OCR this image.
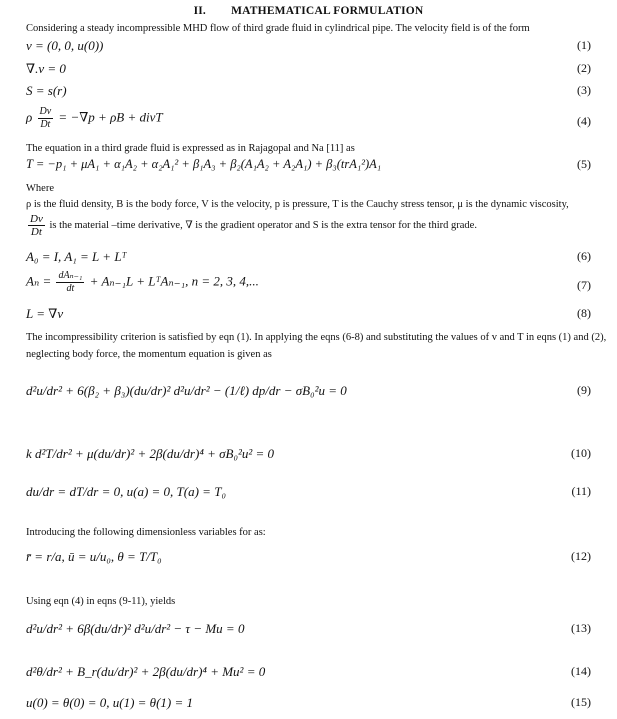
II. MATHEMATICAL FORMULATION
Considering a steady incompressible MHD flow of third grade fluid in cylindrical pipe. The velocity field is of the form
v = (0, 0, u(0))	(1)
∇.v = 0	(2)
S = s(r)	(3)
ρ $\frac{Dv}{Dt} = -\nabla p + \rho B$ + divT	(4)
The equation in a third grade fluid is expressed as in Rajagopal and Na [11] as
T = −p₁ + μA₁ + α₁A₂ + α₂A₁² + β₁A₃ + β₂(A₁A₂ + A₂A₁) + β₃(trA₁²)A₁	(5)
Where
ρ is the fluid density, B is the body force, V is the velocity, p is pressure, T is the Cauchy stress tensor, μ is the dynamic viscosity,
$\frac{Dv}{Dt}$ is the material –time derivative, ∇ is the gradient operator and S is the extra tensor for the third grade.
A₀ = I, A₁ = L + Lᵀ	(6)
$A_n = \frac{\text{dAₙ₋₁}}{dt} + A_{n-1}L$ + LᵀAₙ₋₁, n = 2, 3, 4,...	(7)
L = ∇v	(8)
The incompressibility criterion is satisfied by eqn (1). In applying the eqns (6-8) and substituting the values of v and T in eqns (1) and (2), neglecting body force, the momentum equation is given as
d²u/dr² + 6(β₂ + β₃)(du/dr)² d²u/dr² − (1/ℓ) dp/dr − σB₀²u = 0	(9)
k d²T/dr² + μ(du/dr)² + 2β(du/dr)⁴ + σB₀²u² = 0	(10)
du/dr = dT/dr = 0, u(a) = 0, T(a) = T₀	(11)
Introducing the following dimensionless variables for as:
r̄ = r/a, ū = u/u₀, θ = T/T₀	(12)
Using eqn (4) in eqns (9-11), yields
d²u/dr² + 6β(du/dr)² d²u/dr² − τ − Mu = 0	(13)
d²θ/dr² + B_r(du/dr)² + 2β(du/dr)⁴ + Mu² = 0	(14)
u(0) = θ(0) = 0, u(1) = θ(1) = 1	(15)
